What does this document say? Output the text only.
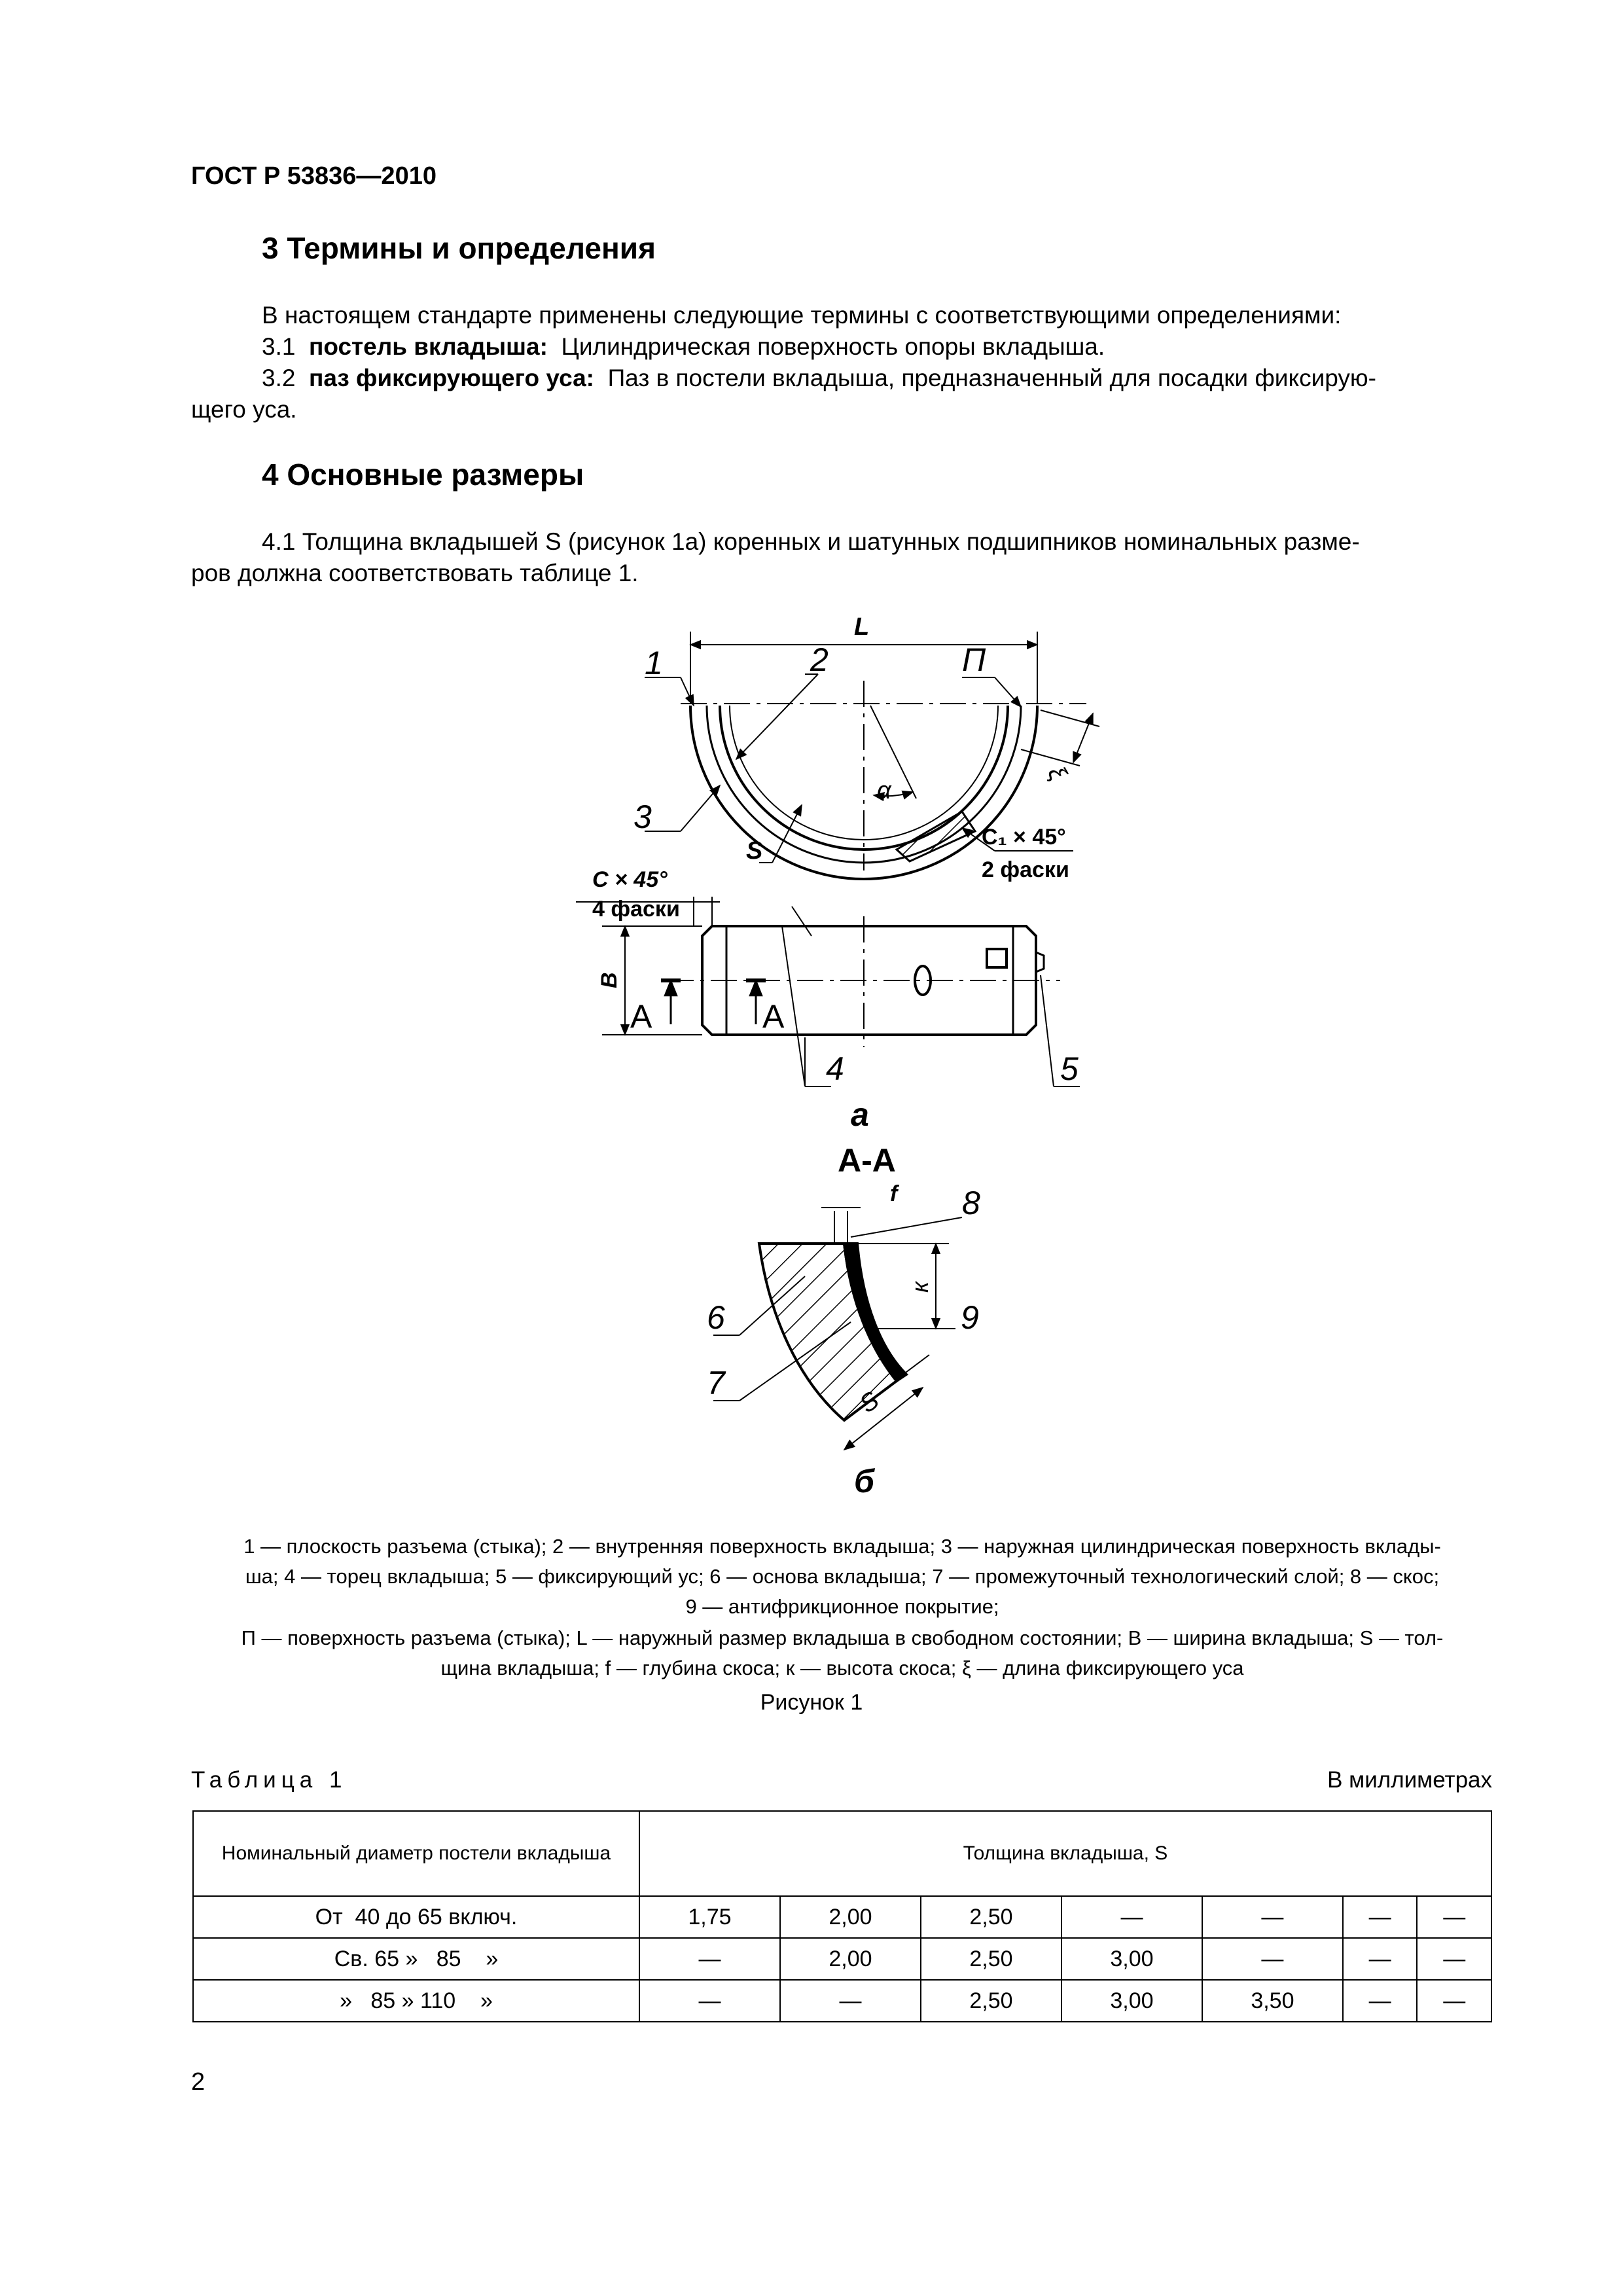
ГОСТ Р 53836—2010
3 Термины и определения
В настоящем стандарте применены следующие термины с соответствующими определениями:
3.1 постель вкладыша: Цилиндрическая поверхность опоры вкладыша.
3.2 паз фиксирующего уса: Паз в постели вкладыша, предназначенный для посадки фиксирую-
щего уса.
4 Основные размеры
4.1 Толщина вкладышей S (рисунок 1а) коренных и шатунных подшипников номинальных разме-
ров должна соответствовать таблице 1.
L
1	2	П
3
α
S
ξ
C₁ × 45°
2 фаски
C × 45°
4 фаски
B
A	A
4	5
а
А-А
f 8
к
6	9
7
S
б
1 — плоскость разъема (стыка); 2 — внутренняя поверхность вкладыша; 3 — наружная цилиндрическая поверхность вклады-
ша; 4 — торец вкладыша; 5 — фиксирующий ус; 6 — основа вкладыша; 7 — промежуточный технологический слой; 8 — скос;
9 — антифрикционное покрытие;
П — поверхность разъема (стыка); L — наружный размер вкладыша в свободном состоянии; B — ширина вкладыша; S — тол-
щина вкладыша; f — глубина скоса; к — высота скоса; ξ — длина фиксирующего уса
Рисунок 1
Таблица 1	В миллиметрах
Номинальный диаметр постели вкладыша	Толщина вкладыша, S						
От  40 до 65 включ.	1,75	2,00	2,50	—	—	—	—
Св. 65 »   85    »	—	2,00	2,50	3,00	—	—	—
»   85 » 110    »	—	—	2,50	3,00	3,50	—	—
2
